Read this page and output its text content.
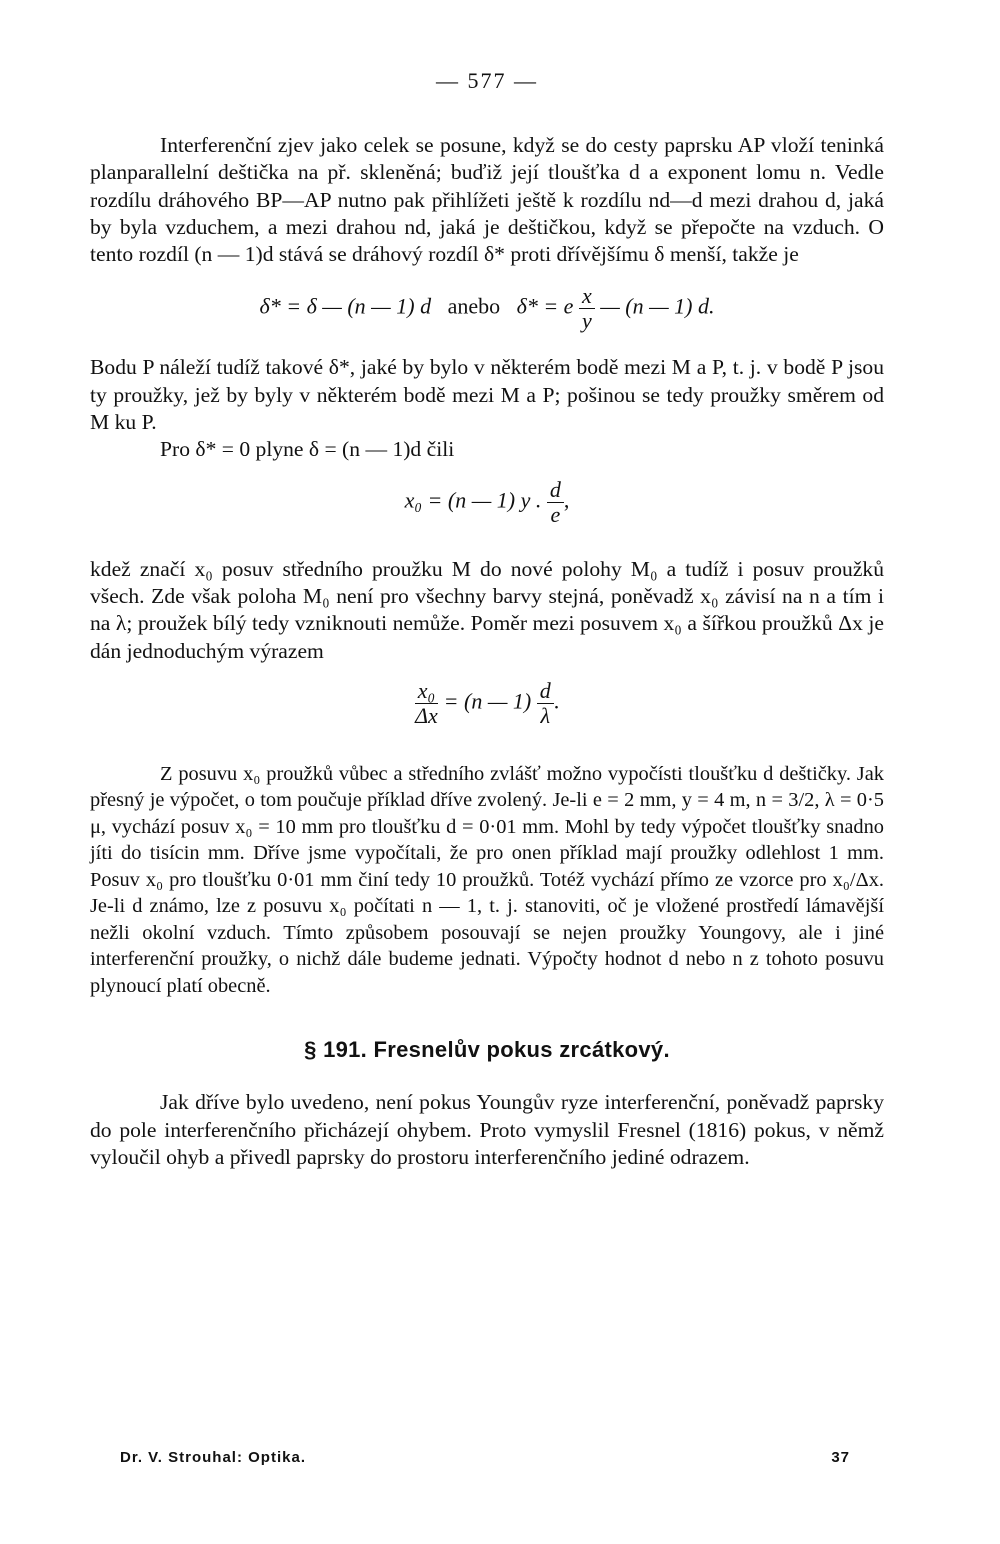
— 577 —

Interferenční zjev jako celek se posune, když se do cesty paprsku AP vloží teninká planparallelní deštička na př. skleněná; buďiž její tloušťka d a exponent lomu n. Vedle rozdílu dráhového BP—AP nutno pak přihlížeti ještě k rozdílu nd—d mezi drahou d, jaká by byla vzduchem, a mezi drahou nd, jaká je deštičkou, když se přepočte na vzduch. O tento rozdíl (n — 1)d stává se dráhový rozdíl δ* proti dřívějšímu δ menší, takže je

δ* = δ — (n — 1) d anebo δ* = e $\frac{x}{y}$ — (n — 1) d.

Bodu P náleží tudíž takové δ*, jaké by bylo v některém bodě mezi M a P, t. j. v bodě P jsou ty proužky, jež by byly v některém bodě mezi M a P; pošinou se tedy proužky směrem od M ku P.

Pro δ* = 0 plyne δ = (n — 1)d čili

x₀ = (n — 1) y . $\frac{d}{e}$ ,

kdež značí x₀ posuv středního proužku M do nové polohy M₀ a tudíž i posuv proužků všech. Zde však poloha M₀ není pro všechny barvy stejná, poněvadž x₀ závisí na n a tím i na λ; proužek bílý tedy vzniknouti nemůže. Poměr mezi posuvem x₀ a šířkou proužků Δx je dán jednoduchým výrazem

$\frac{\text{x₀}}{\Delta x} = (n$ — $1) \frac{d}{\lambda}$ .

Z posuvu x₀ proužků vůbec a středního zvlášť možno vypočísti tloušťku d deštičky. Jak přesný je výpočet, o tom poučuje příklad dříve zvolený. Je-li e = 2 mm, y = 4 m, n = 3/2, λ = 0·5 μ, vychází posuv x₀ = 10 mm pro tloušťku d = 0·01 mm. Mohl by tedy výpočet tloušťky snadno jíti do tisícin mm. Dříve jsme vypočítali, že pro onen příklad mají proužky odlehlost 1 mm. Posuv x₀ pro tloušťku 0·01 mm činí tedy 10 proužků. Totéž vychází přímo ze vzorce pro x₀/Δx. Je-li d známo, lze z posuvu x₀ počítati n — 1, t. j. stanoviti, oč je vložené prostředí lámavější nežli okolní vzduch. Tímto způsobem posouvají se nejen proužky Youngovy, ale i jiné interferenční proužky, o nichž dále budeme jednati. Výpočty hodnot d nebo n z tohoto posuvu plynoucí platí obecně.

§ 191. Fresnelův pokus zrcátkový.

Jak dříve bylo uvedeno, není pokus Youngův ryze interferenční, poněvadž paprsky do pole interferenčního přicházejí ohybem. Proto vymyslil Fresnel (1816) pokus, v němž vyloučil ohyb a přivedl paprsky do prostoru interferenčního jediné odrazem.

Dr. V. Strouhal: Optika.	37
